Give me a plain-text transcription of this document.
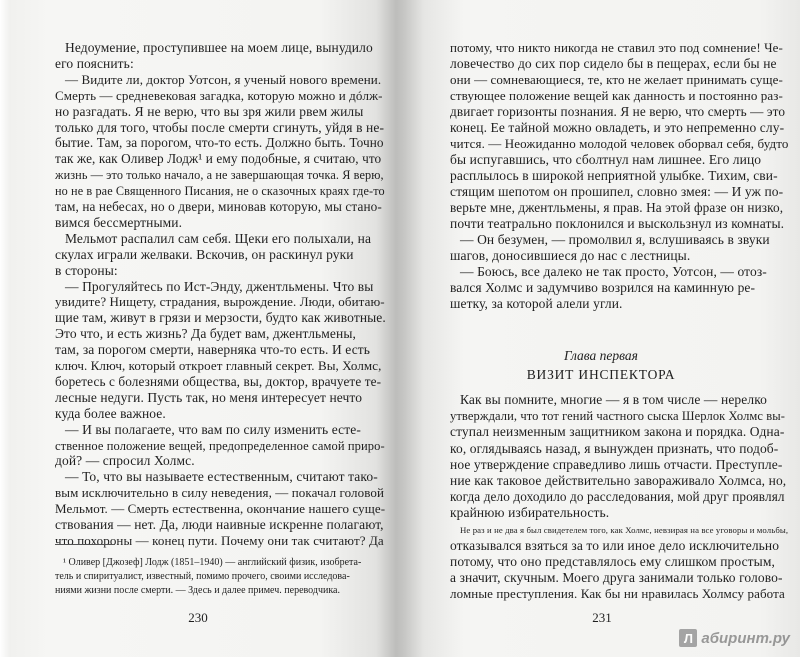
Недоумение, проступившее на моем лице, вынудило
его пояснить:
— Видите ли, доктор Уотсон, я ученый нового времени.
Смерть — средневековая загадка, которую можно и дóлж-
но разгадать. Я не верю, что вы зря жили рвем жилы
только для того, чтобы после смерти сгинуть, уйдя в не-
бытие. Там, за порогом, что-то есть. Должно быть. Точно
так же, как Оливер Лодж¹ и ему подобные, я считаю, что
жизнь — это только начало, а не завершающая точка. Я верю,
но не в рае Священного Писания, не о сказочных краях где-то
там, на небесах, но о двери, миновав которую, мы стано-
вимся бессмертными.
Мельмот распалил сам себя. Щеки его полыхали, на
скулах играли желваки. Вскочив, он раскинул руки
в стороны:
— Прогуляйтесь по Ист-Энду, джентльмены. Что вы
увидите? Нищету, страдания, вырождение. Люди, обитаю-
щие там, живут в грязи и мерзости, будто как животные.
Это что, и есть жизнь? Да будет вам, джентльмены,
там, за порогом смерти, наверняка что-то есть. И есть
ключ. Ключ, который откроет главный секрет. Вы, Холмс,
боретесь с болезнями общества, вы, доктор, врачуете те-
лесные недуги. Пусть так, но меня интересует нечто
куда более важное.
— И вы полагаете, что вам по силу изменить есте-
ственное положение вещей, предопределенное самой приро-
дой? — спросил Холмс.
— То, что вы называете естественным, считают тако-
вым исключительно в силу неведения, — покачал головой
Мельмот. — Смерть естественна, окончание нашего суще-
ствования — нет. Да, люди наивные искренне полагают,
что похороны — конец пути. Почему они так считают? Да
¹ Оливер [Джозеф] Лодж (1851–1940) — английский физик, изобрета-
тель и спиритуалист, известный, помимо прочего, своими исследова-
ниями жизни после смерти. — Здесь и далее примеч. переводчика.
230
потому, что никто никогда не ставил это под сомнение! Че-
ловечество до сих пор сидело бы в пещерах, если бы не
они — сомневающиеся, те, кто не желает принимать суще-
ствующее положение вещей как данность и постоянно раз-
двигает горизонты познания. Я не верю, что смерть — это
конец. Ее тайной можно овладеть, и это непременно слу-
чится. — Неожиданно молодой человек оборвал себя, будто
бы испугавшись, что сболтнул нам лишнее. Его лицо
расплылось в широкой неприятной улыбке. Тихим, сви-
стящим шепотом он прошипел, словно змея: — И уж по-
верьте мне, джентльмены, я прав. На этой фразе он низко,
почти театрально поклонился и выскользнул из комнаты.
— Он безумен, — промолвил я, вслушиваясь в звуки
шагов, доносившиеся до нас с лестницы.
— Боюсь, все далеко не так просто, Уотсон, — отоз-
вался Холмс и задумчиво возрился на каминную ре-
шетку, за которой алели угли.
Глава первая
ВИЗИТ ИНСПЕКТОРА
Как вы помните, многие — я в том числе — нерелко
утверждали, что тот гений частного сыска Шерлок Холмс вы-
ступал неизменным защитником закона и порядка. Одна-
ко, оглядываясь назад, я вынужден признать, что подоб-
ное утверждение справедливо лишь отчасти. Преступле-
ние как таковое действительно завораживало Холмса, но,
когда дело доходило до расследования, мой друг проявлял
крайнюю избирательность.
Не раз и не два я был свидетелем того, как Холмс, невзирая на все уговоры и мольбы,
отказывался взяться за то или иное дело исключительно
потому, что оно представлялось ему слишком простым,
а значит, скучным. Моего друга занимали только голово-
ломные преступления. Как бы ни нравилась Холмсу работа
231
Л абиринт.ру
